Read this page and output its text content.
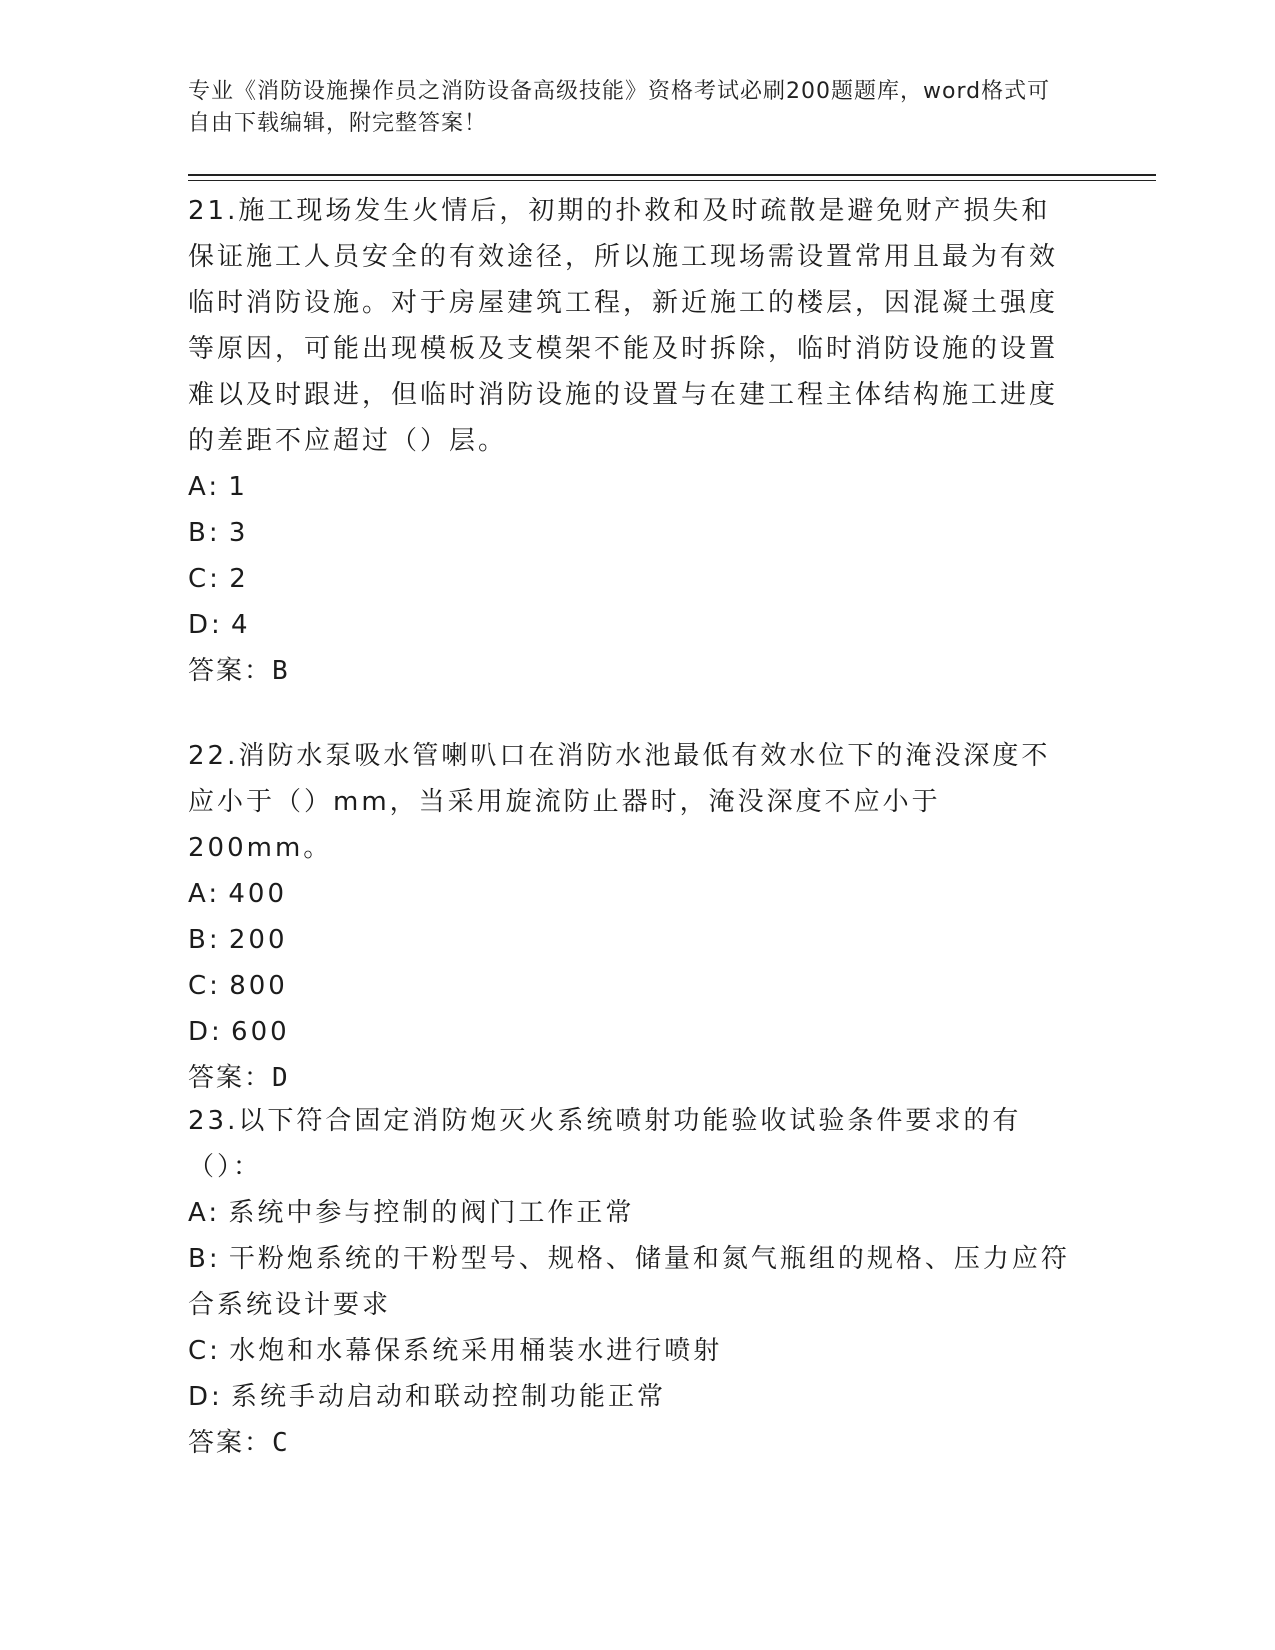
专业《消防设施操作员之消防设备高级技能》资格考试必刷200题题库，word格式可自由下载编辑，附完整答案！

21.施工现场发生火情后，初期的扑救和及时疏散是避免财产损失和保证施工人员安全的有效途径，所以施工现场需设置常用且最为有效临时消防设施。对于房屋建筑工程，新近施工的楼层，因混凝土强度等原因，可能出现模板及支模架不能及时拆除，临时消防设施的设置难以及时跟进，但临时消防设施的设置与在建工程主体结构施工进度的差距不应超过（）层。

A: 1

B: 3

C: 2

D: 4

答案：B

22.消防水泵吸水管喇叭口在消防水池最低有效水位下的淹没深度不应小于（）mm，当采用旋流防止器时，淹没深度不应小于200mm。

A: 400

B: 200

C: 800

D: 600

答案：D

23.以下符合固定消防炮灭火系统喷射功能验收试验条件要求的有（）：

A: 系统中参与控制的阀门工作正常

B: 干粉炮系统的干粉型号、规格、储量和氮气瓶组的规格、压力应符合系统设计要求

C: 水炮和水幕保系统采用桶装水进行喷射

D: 系统手动启动和联动控制功能正常

答案：C
